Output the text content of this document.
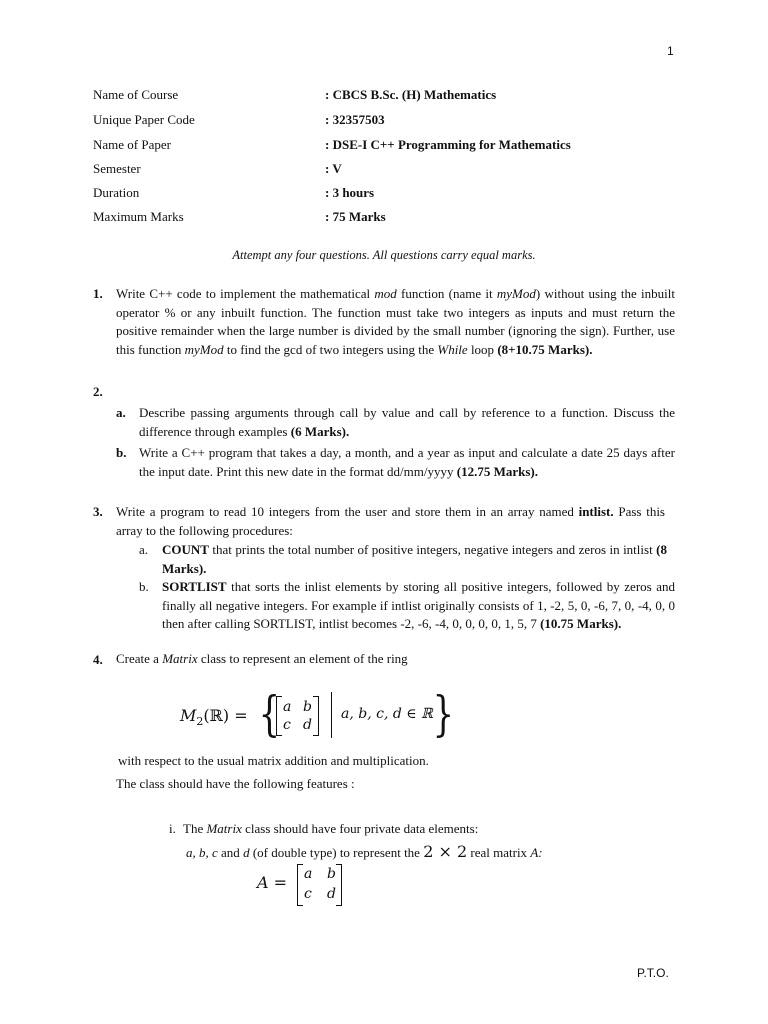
1
Name of Course	: CBCS B.Sc. (H) Mathematics
Unique Paper Code	: 32357503
Name of Paper	: DSE-I C++ Programming for Mathematics
Semester	: V
Duration	: 3 hours
Maximum Marks	: 75 Marks
Attempt any four questions. All questions carry equal marks.
1. Write C++ code to implement the mathematical mod function (name it myMod) without using the inbuilt operator % or any inbuilt function. The function must take two integers as inputs and must return the positive remainder when the large number is divided by the small number (ignoring the sign). Further, use this function myMod to find the gcd of two integers using the While loop (8+10.75 Marks).
2.
a. Describe passing arguments through call by value and call by reference to a function. Discuss the difference through examples (6 Marks).
b. Write a C++ program that takes a day, a month, and a year as input and calculate a date 25 days after the input date. Print this new date in the format dd/mm/yyyy (12.75 Marks).
3. Write a program to read 10 integers from the user and store them in an array named intlist. Pass this array to the following procedures:
a. COUNT that prints the total number of positive integers, negative integers and zeros in intlist (8 Marks).
b. SORTLIST that sorts the inlist elements by storing all positive integers, followed by zeros and finally all negative integers. For example if intlist originally consists of 1, -2, 5, 0, -6, 7, 0, -4, 0, 0 then after calling SORTLIST, intlist becomes -2, -6, -4, 0, 0, 0, 0, 1, 5, 7 (10.75 Marks).
4. Create a Matrix class to represent an element of the ring
$M_2(ℝ)$ = { a b
c d
a, b, c, d ∈ ℝ }
with respect to the usual matrix addition and multiplication.
The class should have the following features :
i. The Matrix class should have four private data elements:
a, b, c and d (of double type) to represent the 2 × 2 real matrix A:
A = a b
c d
P.T.O.
